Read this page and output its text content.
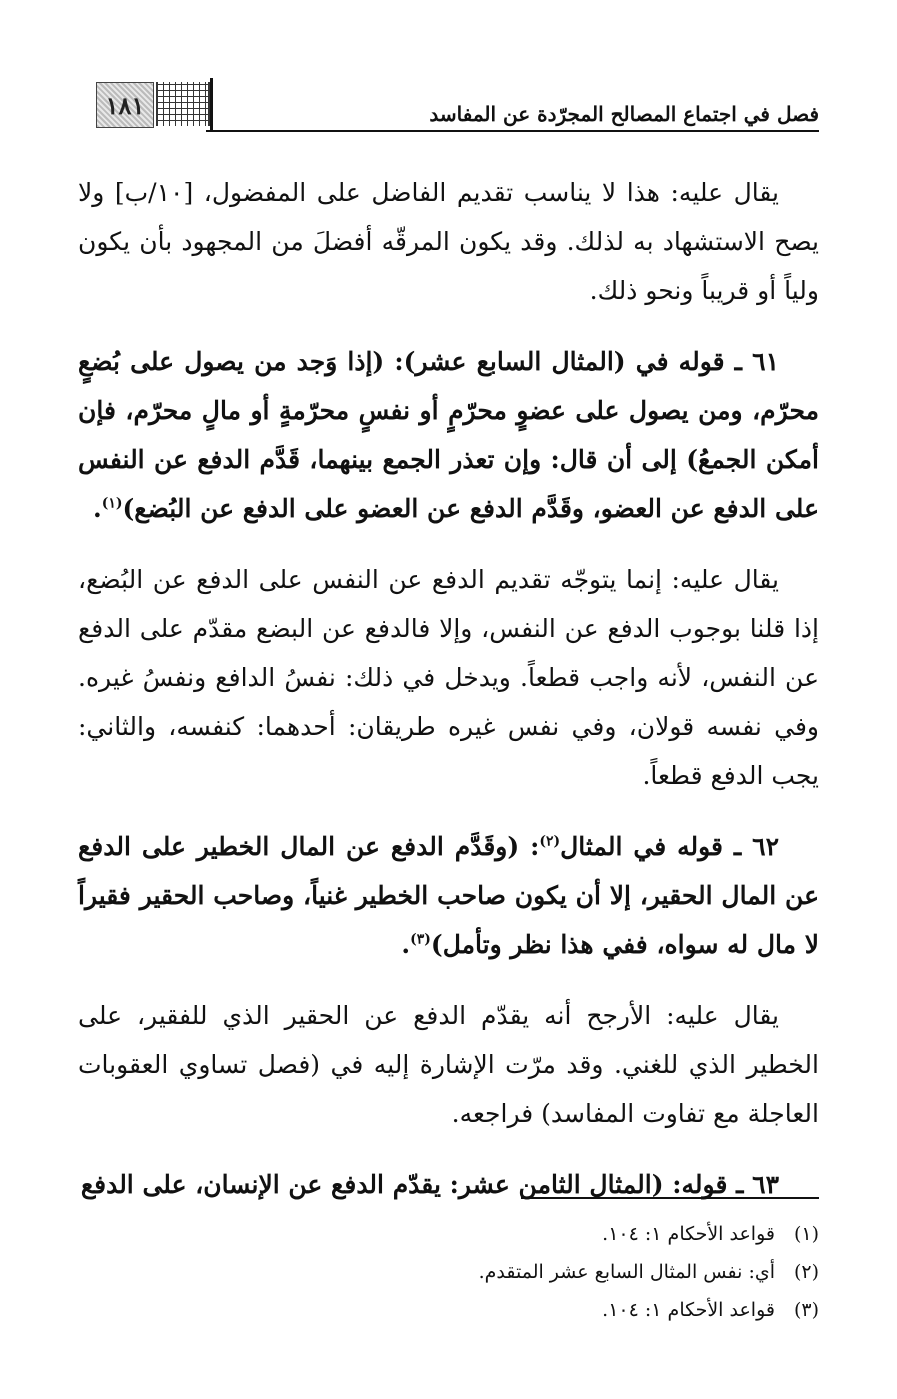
١٨١	فصل في اجتماع المصالح المجرّدة عن المفاسد

يقال عليه: هذا لا يناسب تقديم الفاضل على المفضول، [١٠/ب] ولا يصح الاستشهاد به لذلك. وقد يكون المرقّه أفضلَ من المجهود بأن يكون ولياً أو قريباً ونحو ذلك.

٦١ ـ قوله في (المثال السابع عشر): (إذا وَجد من يصول على بُضعٍ محرّم، ومن يصول على عضوٍ محرّمٍ أو نفسٍ محرّمةٍ أو مالٍ محرّم، فإن أمكن الجمعُ) إلى أن قال: وإن تعذر الجمع بينهما، قَدَّم الدفع عن النفس على الدفع عن العضو، وقَدَّم الدفع عن العضو على الدفع عن البُضع)$^{(١)}$.

يقال عليه: إنما يتوجّه تقديم الدفع عن النفس على الدفع عن البُضع، إذا قلنا بوجوب الدفع عن النفس، وإلا فالدفع عن البضع مقدّم على الدفع عن النفس، لأنه واجب قطعاً. ويدخل في ذلك: نفسُ الدافع ونفسُ غيره. وفي نفسه قولان، وفي نفس غيره طريقان: أحدهما: كنفسه، والثاني: يجب الدفع قطعاً.

٦٢ ـ قوله في المثال$^{(٢)}$: (وقَدَّم الدفع عن المال الخطير على الدفع عن المال الحقير، إلا أن يكون صاحب الخطير غنياً، وصاحب الحقير فقيراً لا مال له سواه، ففي هذا نظر وتأمل)$^{(٣)}$.

يقال عليه: الأرجح أنه يقدّم الدفع عن الحقير الذي للفقير، على الخطير الذي للغني. وقد مرّت الإشارة إليه في (فصل تساوي العقوبات العاجلة مع تفاوت المفاسد) فراجعه.

٦٣ ـ قوله: (المثال الثامن عشر: يقدّم الدفع عن الإنسان، على الدفع

(١)قواعد الأحكام ١: ١٠٤.

(٢)أي: نفس المثال السابع عشر المتقدم.

(٣)قواعد الأحكام ١: ١٠٤.
